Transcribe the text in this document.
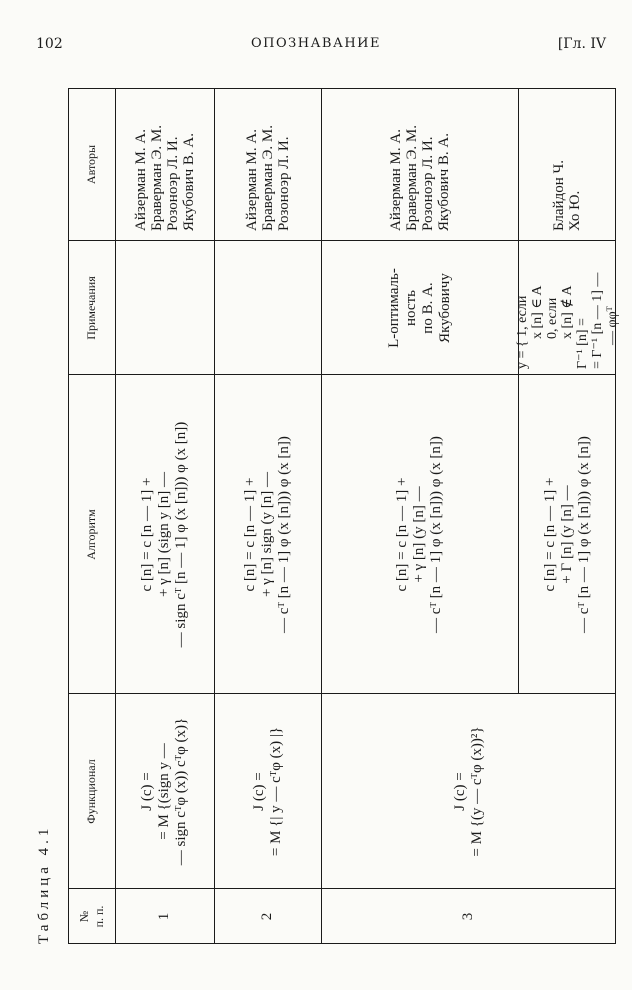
102	ОПОЗНАВАНИЕ	[Гл. IV
Таблица 4.1 № п. п.
Функционал
Алгоритм
Примечания
Авторы
1
J (c) = = M {(sign y — — sign cᵀφ (x)) cᵀφ (x)}
c [n] = c [n — 1] + + γ [n] (sign y [n] — — sign cᵀ [n — 1] φ (x [n])) φ (x [n])
Айзерман М. А. Браверман Э. М. Розоноэр Л. И. Якубович В. А.
2
J (c) = = M {| y — cᵀφ (x) |}
c [n] = c [n — 1] + + γ [n] sign (y [n] — — cᵀ [n — 1] φ (x [n])) φ (x [n])
Айзерман М. А. Браверман Э. М. Розоноэр Л. И.
3
J (c) = = M {(y — cᵀφ (x))²}
c [n] = c [n — 1] + + γ [n] (y [n] — — cᵀ [n — 1] φ (x [n])) φ (x [n])
L-оптималь- ность по В. А. Якубовичу
Айзерман М. А. Браверман Э. М. Розоноэр Л. И. Якубович В. А.
c [n] = c [n — 1] + + Γ [n] (y [n] — — cᵀ [n — 1] φ (x [n])) φ (x [n])
y = { 1, если x [n] ∈ A 0, если x [n] ∉ A
Γ⁻¹ [n] = = Γ⁻¹ [n — 1] — — φφᵀ
Блайдон Ч. Хо Ю.
